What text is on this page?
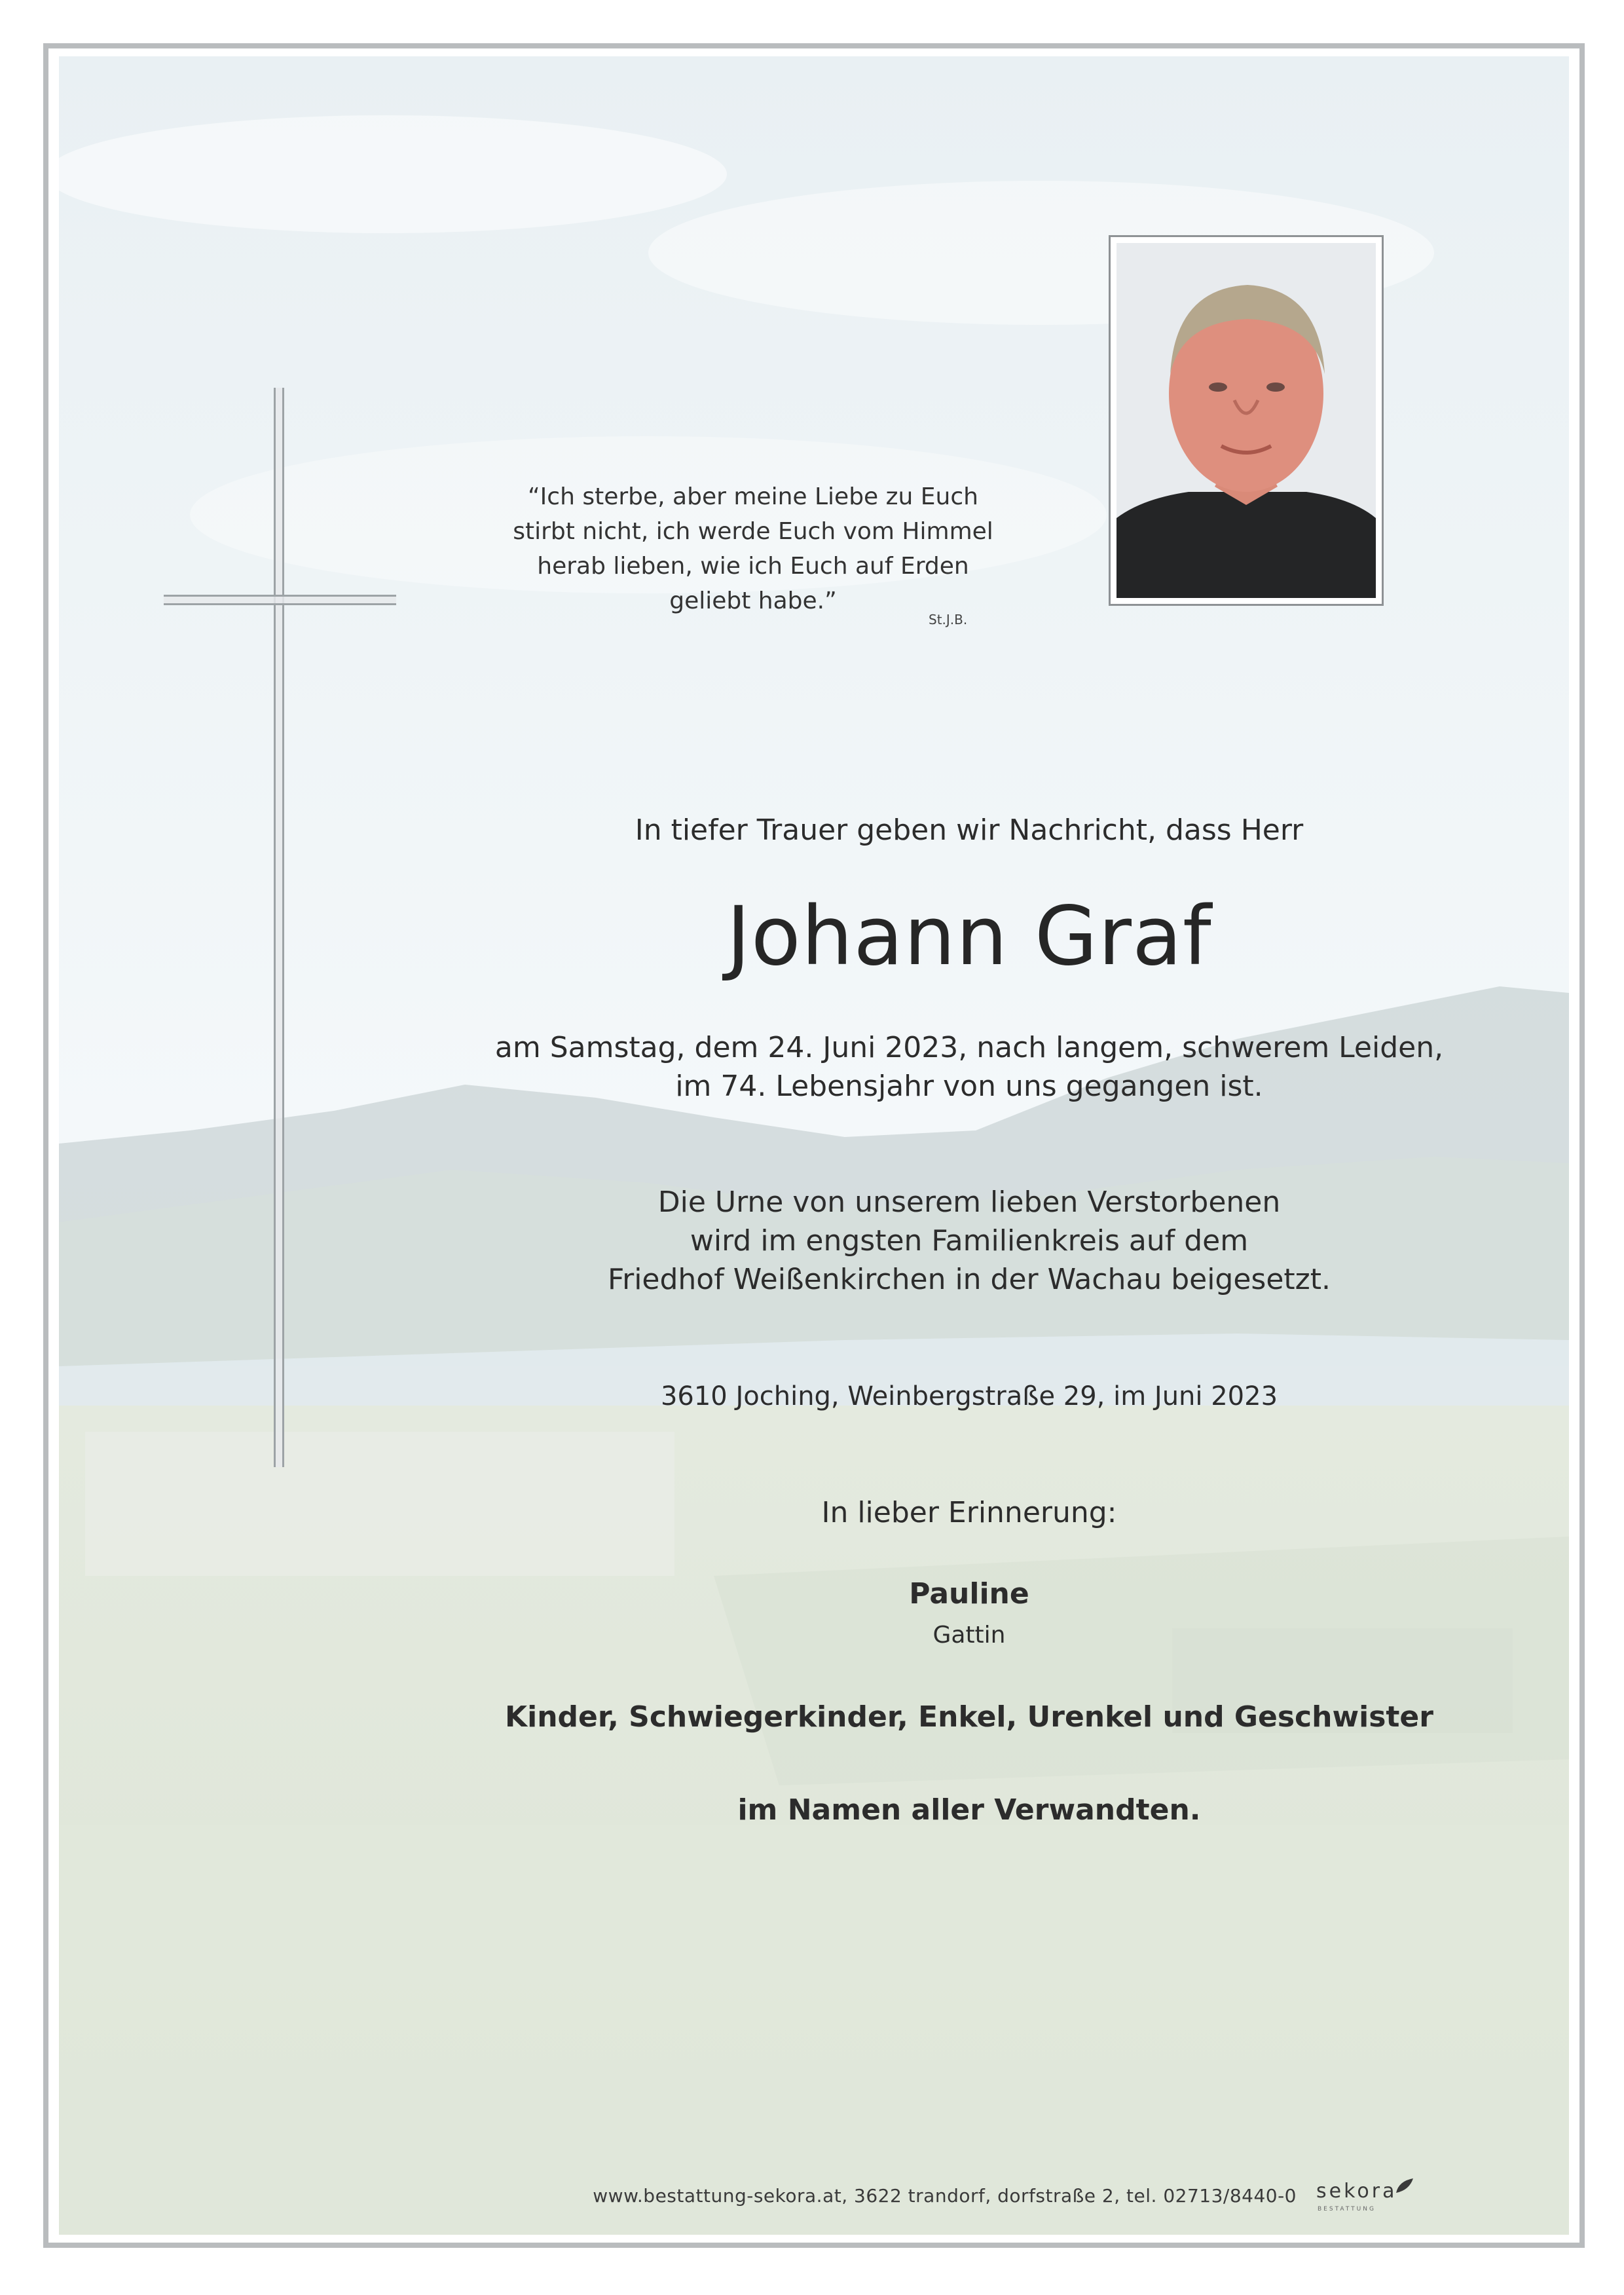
“Ich sterbe, aber meine Liebe zu Euch
stirbt nicht, ich werde Euch vom Himmel
herab lieben, wie ich Euch auf Erden
geliebt habe.”
St.J.B.
In tiefer Trauer geben wir Nachricht, dass Herr
Johann Graf
am Samstag, dem 24. Juni 2023, nach langem, schwerem Leiden,
im 74. Lebensjahr von uns gegangen ist.
Die Urne von unserem lieben Verstorbenen
wird im engsten Familienkreis auf dem
Friedhof Weißenkirchen in der Wachau beigesetzt.
3610 Joching, Weinbergstraße 29, im Juni 2023
In lieber Erinnerung:
Pauline
Gattin
Kinder, Schwiegerkinder, Enkel, Urenkel und Geschwister
im Namen aller Verwandten.
www.bestattung-sekora.at, 3622 trandorf, dorfstraße 2, tel. 02713/8440-0 sekora
BESTATTUNG
